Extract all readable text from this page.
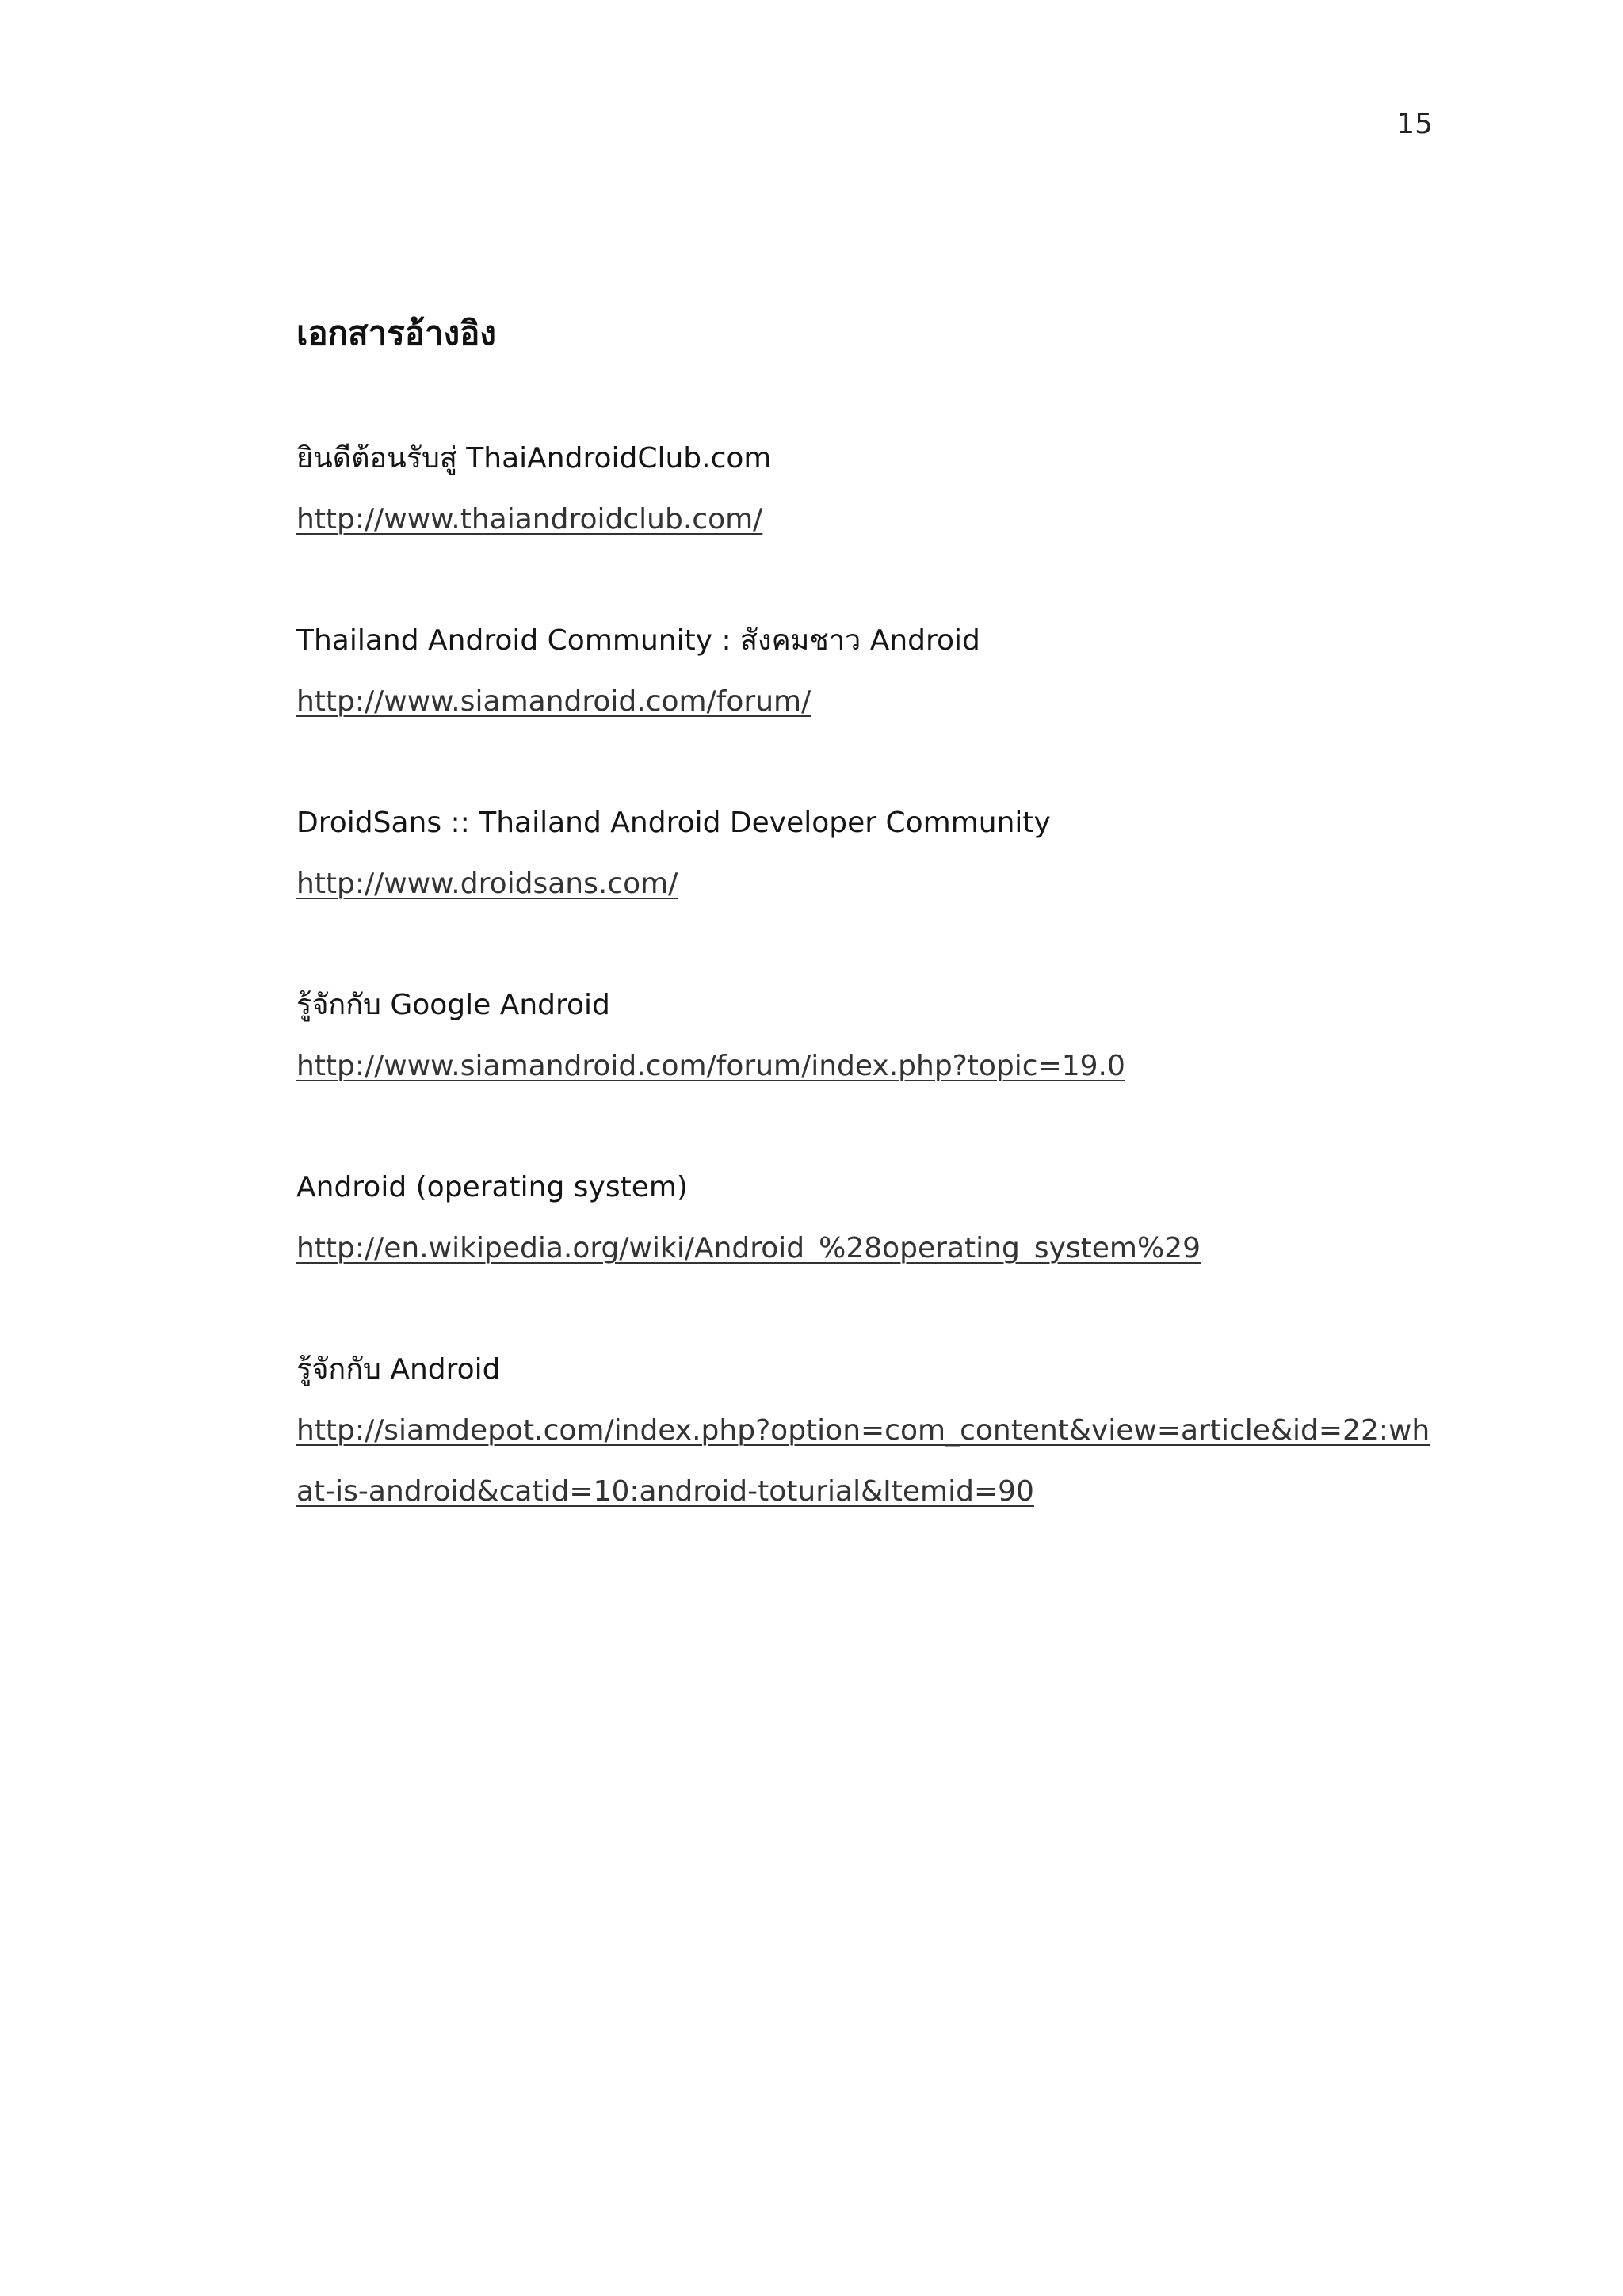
15
เอกสารอ้างอิง
ยินดีต้อนรับสู่ ThaiAndroidClub.com
http://www.thaiandroidclub.com/
Thailand Android Community : สังคมชาว Android
http://www.siamandroid.com/forum/
DroidSans :: Thailand Android Developer Community
http://www.droidsans.com/
รู้จักกับ Google Android
http://www.siamandroid.com/forum/index.php?topic=19.0
Android (operating system)
http://en.wikipedia.org/wiki/Android_%28operating_system%29
รู้จักกับ Android
http://siamdepot.com/index.php?option=com_content&view=article&id=22:what-is-android&catid=10:android-toturial&Itemid=90
